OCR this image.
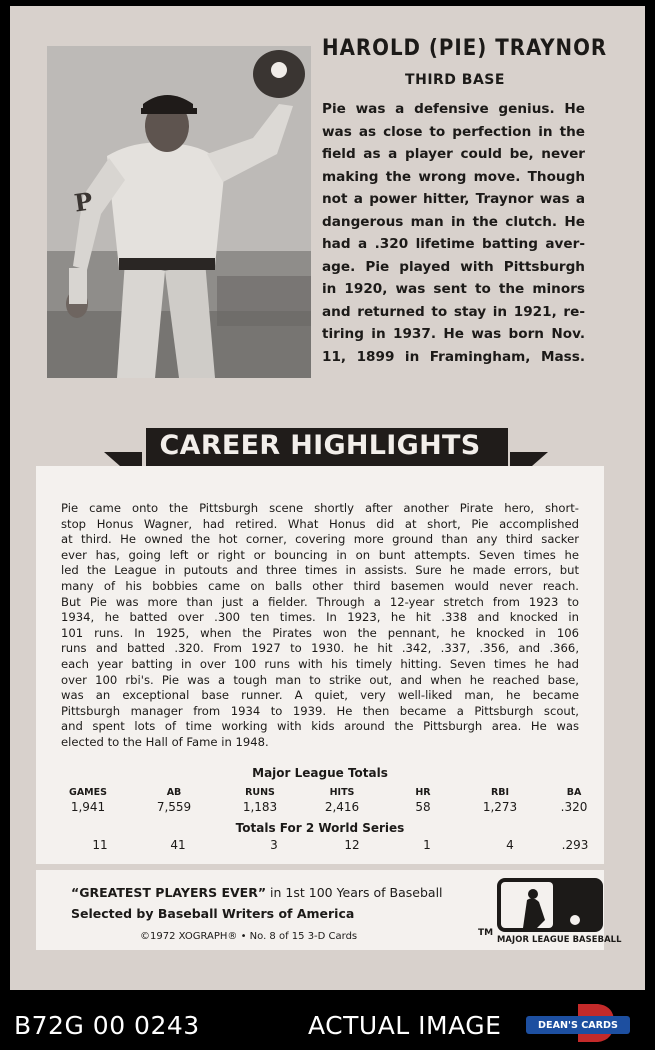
P
HAROLD (PIE) TRAYNOR
THIRD BASE
Pie was a defensive genius. He
was as close to perfection in the
field as a player could be, never
making the wrong move. Though
not a power hitter, Traynor was a
dangerous man in the clutch. He
had a .320 lifetime batting aver-
age. Pie played with Pittsburgh
in 1920, was sent to the minors
and returned to stay in 1921, re-
tiring in 1937. He was born Nov.
11, 1899 in Framingham, Mass.
CAREER HIGHLIGHTS
Pie came onto the Pittsburgh scene shortly after another Pirate hero, short-
stop Honus Wagner, had retired. What Honus did at short, Pie accomplished
at third. He owned the hot corner, covering more ground than any third sacker
ever has, going left or right or bouncing in on bunt attempts. Seven times he
led the League in putouts and three times in assists. Sure he made errors, but
many of his bobbies came on balls other third basemen would never reach.
But Pie was more than just a fielder. Through a 12-year stretch from 1923 to
1934, he batted over .300 ten times. In 1923, he hit .338 and knocked in
101 runs. In 1925, when the Pirates won the pennant, he knocked in 106
runs and batted .320. From 1927 to 1930. he hit .342, .337, .356, and .366,
each year batting in over 100 runs with his timely hitting. Seven times he had
over 100 rbi's. Pie was a tough man to strike out, and when he reached base,
was an exceptional base runner. A quiet, very well-liked man, he became
Pittsburgh manager from 1934 to 1939. He then became a Pittsburgh scout,
and spent lots of time working with kids around the Pittsburgh area. He was
elected to the Hall of Fame in 1948.
Major League Totals
GAMES	AB	RUNS	HITS	HR	RBI	BA
1,941	7,559	1,183	2,416	58	1,273	.320
Totals For 2 World Series
11	41	3	12	1	4	.293
“GREATEST PLAYERS EVER” in 1st 100 Years of Baseball
Selected by Baseball Writers of America
©1972 XOGRAPH® • No. 8 of 15 3-D Cards	TM
MAJOR LEAGUE BASEBALL
B72G 00 0243	ACTUAL IMAGE	DEAN'S CARDS
